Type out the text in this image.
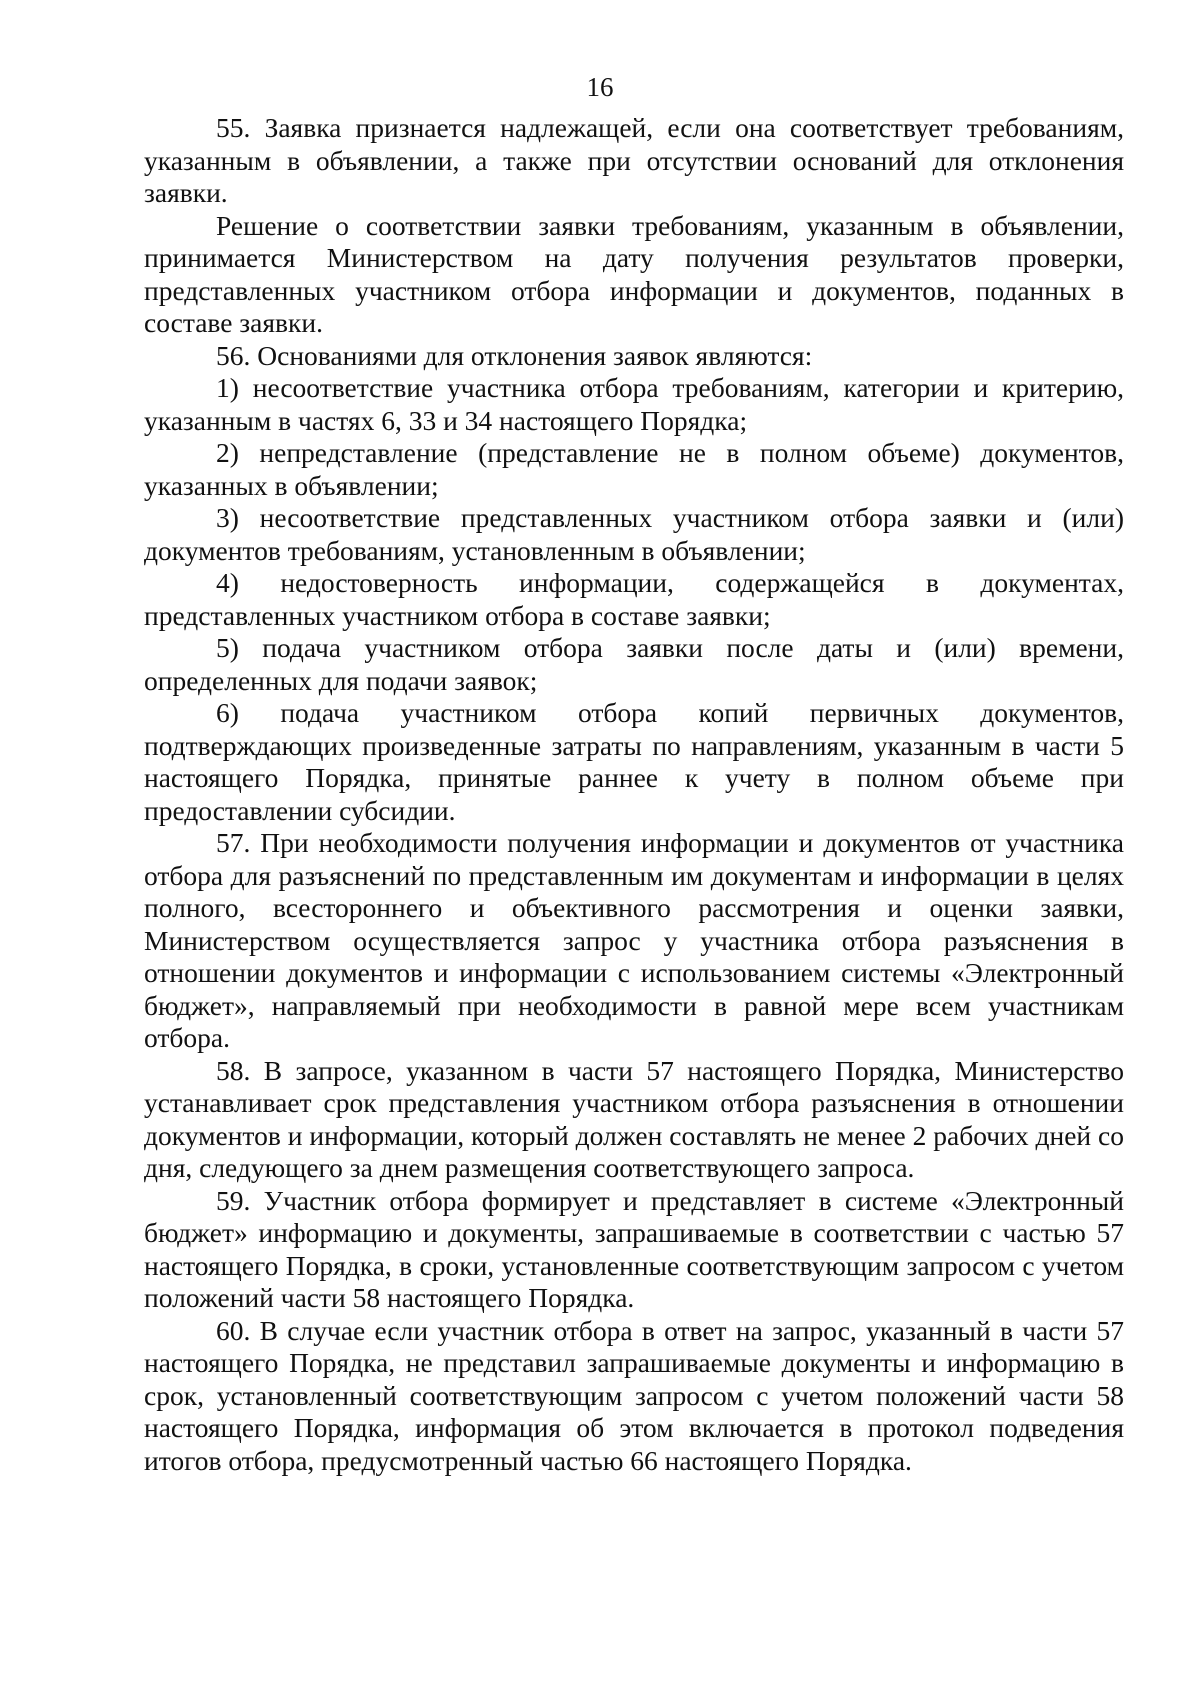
16

55. Заявка признается надлежащей, если она соответствует требованиям, указанным в объявлении, а также при отсутствии оснований для отклонения заявки.

Решение о соответствии заявки требованиям, указанным в объявлении, принимается Министерством на дату получения результатов проверки, представленных участником отбора информации и документов, поданных в составе заявки.

56. Основаниями для отклонения заявок являются:

1) несоответствие участника отбора требованиям, категории и критерию, указанным в частях 6, 33 и 34 настоящего Порядка;

2) непредставление (представление не в полном объеме) документов, указанных в объявлении;

3) несоответствие представленных участником отбора заявки и (или) документов требованиям, установленным в объявлении;

4) недостоверность информации, содержащейся в документах, представленных участником отбора в составе заявки;

5) подача участником отбора заявки после даты и (или) времени, определенных для подачи заявок;

6) подача участником отбора копий первичных документов, подтверждающих произведенные затраты по направлениям, указанным в части 5 настоящего Порядка, принятые раннее к учету в полном объеме при предоставлении субсидии.

57. При необходимости получения информации и документов от участника отбора для разъяснений по представленным им документам и информации в целях полного, всестороннего и объективного рассмотрения и оценки заявки, Министерством осуществляется запрос у участника отбора разъяснения в отношении документов и информации с использованием системы «Электронный бюджет», направляемый при необходимости в равной мере всем участникам отбора.

58. В запросе, указанном в части 57 настоящего Порядка, Министерство устанавливает срок представления участником отбора разъяснения в отношении документов и информации, который должен составлять не менее 2 рабочих дней со дня, следующего за днем размещения соответствующего запроса.

59. Участник отбора формирует и представляет в системе «Электронный бюджет» информацию и документы, запрашиваемые в соответствии с частью 57 настоящего Порядка, в сроки, установленные соответствующим запросом с учетом положений части 58 настоящего Порядка.

60. В случае если участник отбора в ответ на запрос, указанный в части 57 настоящего Порядка, не представил запрашиваемые документы и информацию в срок, установленный соответствующим запросом с учетом положений части 58 настоящего Порядка, информация об этом включается в протокол подведения итогов отбора, предусмотренный частью 66 настоящего Порядка.
